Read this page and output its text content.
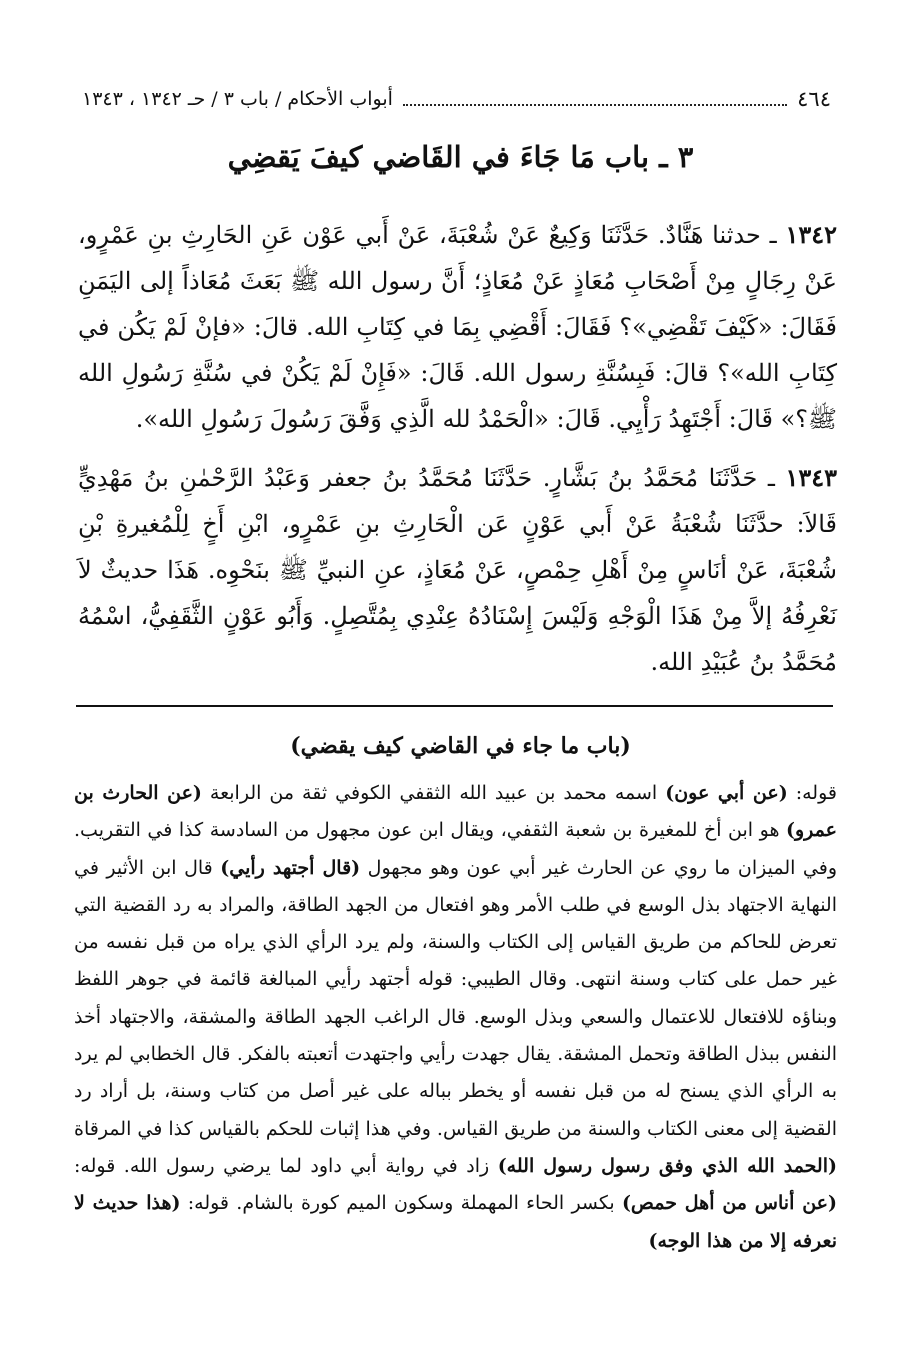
٤٦٤
أبواب الأحكام / باب ٣ / حـ ١٣٤٢ ، ١٣٤٣
٣ ـ باب مَا جَاءَ في القَاضي كيفَ يَقضِي

١٣٤٢ ـ حدثنا هَنَّادٌ. حَدَّثَنَا وَكِيعٌ عَنْ شُعْبَةَ، عَنْ أَبي عَوْن عَنِ الحَارِثِ بنِ عَمْرٍو، عَنْ رِجَالٍ مِنْ أَصْحَابِ مُعَاذٍ عَنْ مُعَاذٍ؛ أَنَّ رسول الله ﷺ بَعَثَ مُعَاذاً إلى اليَمَنِ فَقَالَ: «كَيْفَ تَقْضِي»؟ فَقَالَ: أَقْضِي بِمَا في كِتَابِ الله. قالَ: «فإنْ لَمْ يَكُن في كِتَابِ الله»؟ قالَ: فَبِسُنَّةِ رسول الله. قَالَ: «فَإِنْ لَمْ يَكُنْ في سُنَّةِ رَسُولِ الله ﷺ؟» قَالَ: أَجْتَهِدُ رَأْيِي. قَالَ: «الْحَمْدُ لله الَّذِي وَفَّقَ رَسُولَ رَسُولِ الله».

١٣٤٣ ـ حَدَّثَنَا مُحَمَّدُ بنُ بَشَّارٍ. حَدَّثَنَا مُحَمَّدُ بنُ جعفر وَعَبْدُ الرَّحْمٰنِ بنُ مَهْدِيٍّ قَالاَ: حدَّثَنَا شُعْبَةُ عَنْ أَبي عَوْنٍ عَن الْحَارِثِ بنِ عَمْرٍو، ابْنِ أَخٍ لِلْمُغيرةِ بْنِ شُعْبَةَ، عَنْ أنَاسٍ مِنْ أَهْلِ حِمْصٍ، عَنْ مُعَاذٍ، عنِ النبيِّ ﷺ بنَحْوِه. هَذَا حديثٌ لاَ نَعْرِفُهُ إلاَّ مِنْ هَذَا الْوَجْهِ وَلَيْسَ إِسْنَادُهُ عِنْدِي بِمُتَّصِلٍ. وَأَبُو عَوْنٍ الثَّقَفِيُّ، اسْمُهُ مُحَمَّدُ بنُ عُبَيْدِ الله.

(باب ما جاء في القاضي كيف يقضي)

قوله: (عن أبي عون) اسمه محمد بن عبيد الله الثقفي الكوفي ثقة من الرابعة (عن الحارث بن عمرو) هو ابن أخ للمغيرة بن شعبة الثقفي، ويقال ابن عون مجهول من السادسة كذا في التقريب. وفي الميزان ما روي عن الحارث غير أبي عون وهو مجهول (قال أجتهد رأيي) قال ابن الأثير في النهاية الاجتهاد بذل الوسع في طلب الأمر وهو افتعال من الجهد الطاقة، والمراد به رد القضية التي تعرض للحاكم من طريق القياس إلى الكتاب والسنة، ولم يرد الرأي الذي يراه من قبل نفسه من غير حمل على كتاب وسنة انتهى. وقال الطيبي: قوله أجتهد رأيي المبالغة قائمة في جوهر اللفظ وبناؤه للافتعال للاعتمال والسعي وبذل الوسع. قال الراغب الجهد الطاقة والمشقة، والاجتهاد أخذ النفس ببذل الطاقة وتحمل المشقة. يقال جهدت رأيي واجتهدت أتعبته بالفكر. قال الخطابي لم يرد به الرأي الذي يسنح له من قبل نفسه أو يخطر بباله على غير أصل من كتاب وسنة، بل أراد رد القضية إلى معنى الكتاب والسنة من طريق القياس. وفي هذا إثبات للحكم بالقياس كذا في المرقاة (الحمد الله الذي وفق رسول رسول الله) زاد في رواية أبي داود لما يرضي رسول الله. قوله: (عن أناس من أهل حمص) بكسر الحاء المهملة وسكون الميم كورة بالشام. قوله: (هذا حديث لا نعرفه إلا من هذا الوجه)
